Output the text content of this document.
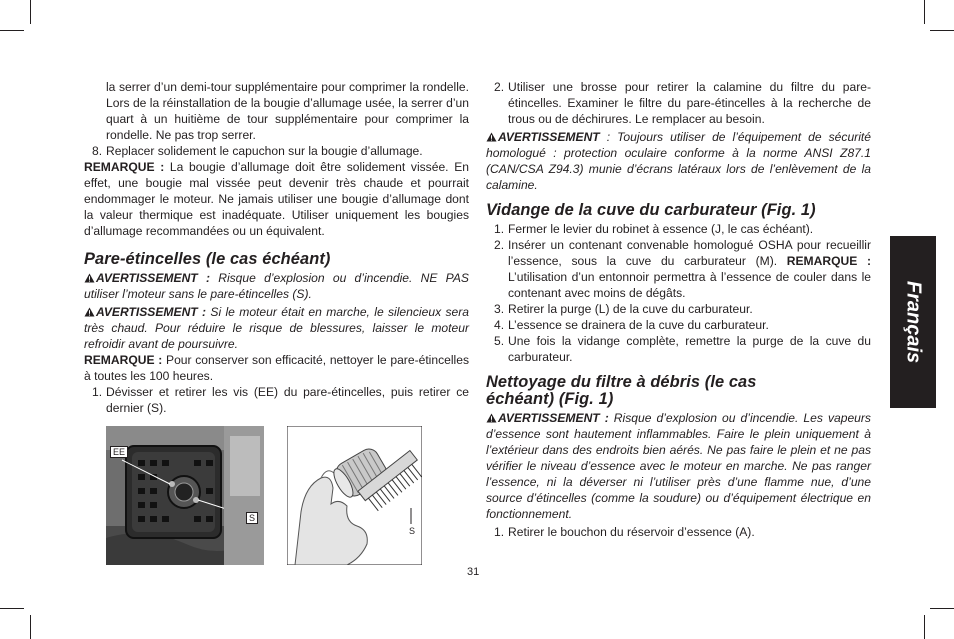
la serrer d’un demi-tour supplémentaire pour comprimer la rondelle. Lors de la réinstallation de la bougie d’allumage usée, la serrer d’un quart à un huitième de tour supplémentaire pour comprimer la rondelle. Ne pas trop serrer.

8. Replacer solidement le capuchon sur la bougie d’allumage.

REMARQUE : La bougie d’allumage doit être solidement vissée. En effet, une bougie mal vissée peut devenir très chaude et pourrait endommager le moteur. Ne jamais utiliser une bougie d’allumage dont la valeur thermique est inadéquate. Utiliser uniquement les bougies d’allumage recommandées ou un équivalent.

Pare-étincelles (le cas échéant)

AVERTISSEMENT : Risque d’explosion ou d’incendie. NE PAS utiliser l’moteur sans le pare-étincelles (S).

AVERTISSEMENT : Si le moteur était en marche, le silencieux sera très chaud. Pour réduire le risque de blessures, laisser le moteur refroidir avant de poursuivre.

REMARQUE : Pour conserver son efficacité, nettoyer le pare-étincelles à toutes les 100 heures.

1. Dévisser et retirer les vis (EE) du pare-étincelles, puis retirer ce dernier (S).

EE
S
S

2. Utiliser une brosse pour retirer la calamine du filtre du pare-étincelles. Examiner le filtre du pare-étincelles à la recherche de trous ou de déchirures. Le remplacer au besoin.

AVERTISSEMENT : Toujours utiliser de l’équipement de sécurité homologué : protection oculaire conforme à la norme ANSI Z87.1 (CAN/CSA Z94.3) munie d’écrans latéraux lors de l’enlèvement de la calamine.

Vidange de la cuve du carburateur (Fig. 1)

1. Fermer le levier du robinet à essence (J, le cas échéant).

2. Insérer un contenant convenable homologué OSHA pour recueillir l’essence, sous la cuve du carburateur (M). REMARQUE : L’utilisation d’un entonnoir permettra à l’essence de couler dans le contenant avec moins de dégâts.

3. Retirer la purge (L) de la cuve du carburateur.

4. L’essence se drainera de la cuve du carburateur.

5. Une fois la vidange complète, remettre la purge de la cuve du carburateur.

Nettoyage du filtre à débris (le cas échéant) (Fig. 1)

AVERTISSEMENT : Risque d’explosion ou d’incendie. Les vapeurs d’essence sont hautement inflammables. Faire le plein uniquement à l’extérieur dans des endroits bien aérés. Ne pas faire le plein et ne pas vérifier le niveau d’essence avec le moteur en marche. Ne pas ranger l’essence, ni la déverser ni l’utiliser près d’une flamme nue, d’une source d’étincelles (comme la soudure) ou d’équipement électrique en fonctionnement.

1. Retirer le bouchon du réservoir d’essence (A).

Français
31
